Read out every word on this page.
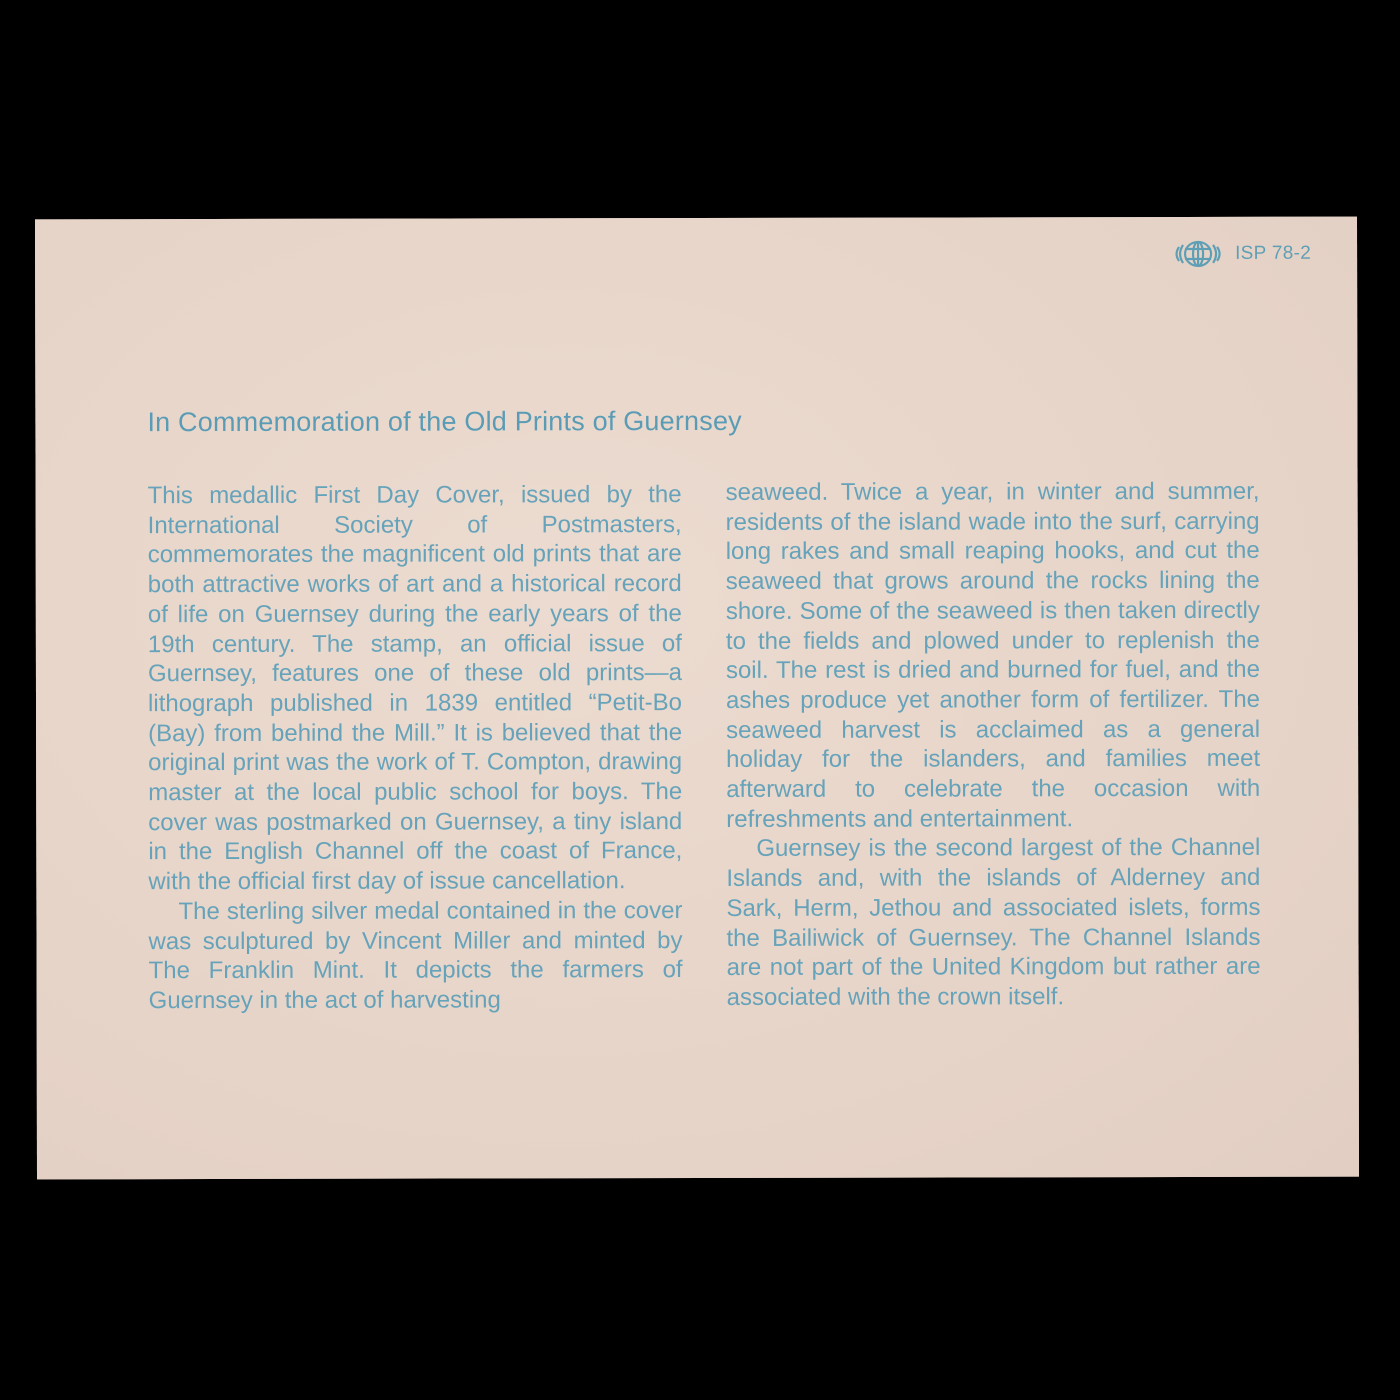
ISP 78-2
In Commemoration of the Old Prints of Guernsey

This medallic First Day Cover, issued by the International Society of Postmasters, commemorates the magnificent old prints that are both attractive works of art and a historical record of life on Guernsey during the early years of the 19th century. The stamp, an official issue of Guernsey, features one of these old prints—a lithograph published in 1839 entitled “Petit-Bo (Bay) from behind the Mill.” It is believed that the original print was the work of T. Compton, drawing master at the local public school for boys. The cover was postmarked on Guernsey, a tiny island in the English Channel off the coast of France, with the official first day of issue cancellation.

The sterling silver medal contained in the cover was sculptured by Vincent Miller and minted by The Franklin Mint. It depicts the farmers of Guernsey in the act of harvesting

seaweed. Twice a year, in winter and summer, residents of the island wade into the surf, carrying long rakes and small reaping hooks, and cut the seaweed that grows around the rocks lining the shore. Some of the seaweed is then taken directly to the fields and plowed under to replenish the soil. The rest is dried and burned for fuel, and the ashes produce yet another form of fertilizer. The seaweed harvest is acclaimed as a general holiday for the islanders, and families meet afterward to celebrate the occasion with refreshments and entertainment.

Guernsey is the second largest of the Channel Islands and, with the islands of Alderney and Sark, Herm, Jethou and associated islets, forms the Bailiwick of Guernsey. The Channel Islands are not part of the United Kingdom but rather are associated with the crown itself.
